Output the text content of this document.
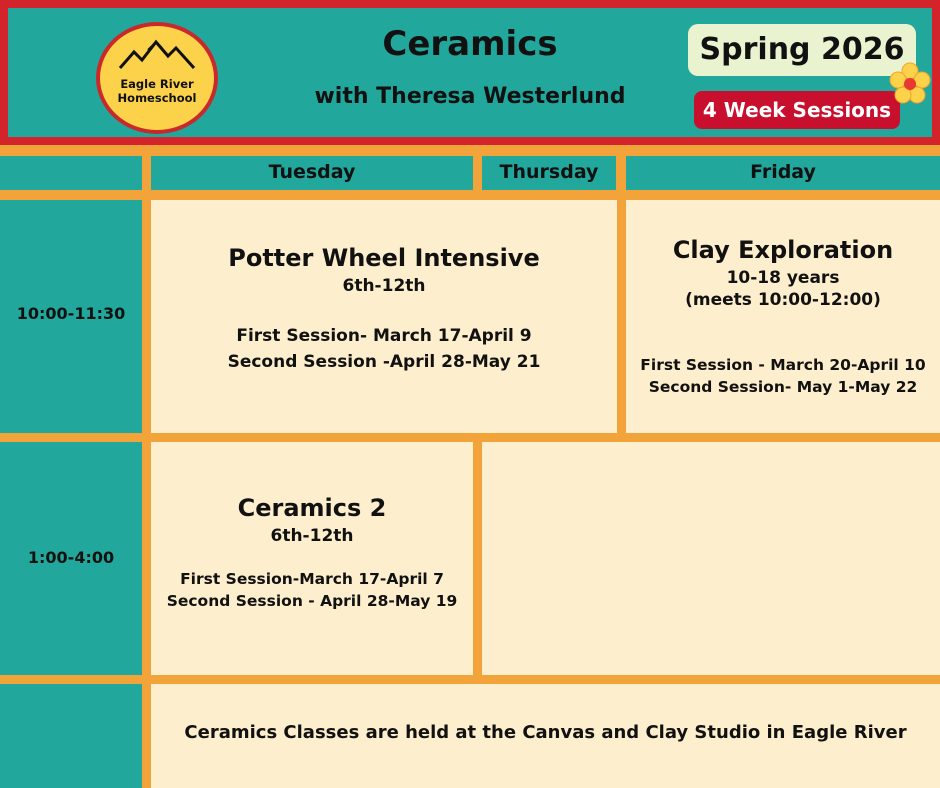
Eagle River
Homeschool
Ceramics
with Theresa Westerlund
Spring 2026
4 Week Sessions
Tuesday	Thursday	Friday
10:00-11:30
Potter Wheel Intensive
6th-12th
First Session- March 17-April 9
Second Session -April 28-May 21
Clay Exploration
10-18 years
(meets 10:00-12:00)
First Session - March 20-April 10
Second Session- May 1-May 22
1:00-4:00
Ceramics 2
6th-12th
First Session-March 17-April 7
Second Session - April 28-May 19
Ceramics Classes are held at the Canvas and Clay Studio in Eagle River
